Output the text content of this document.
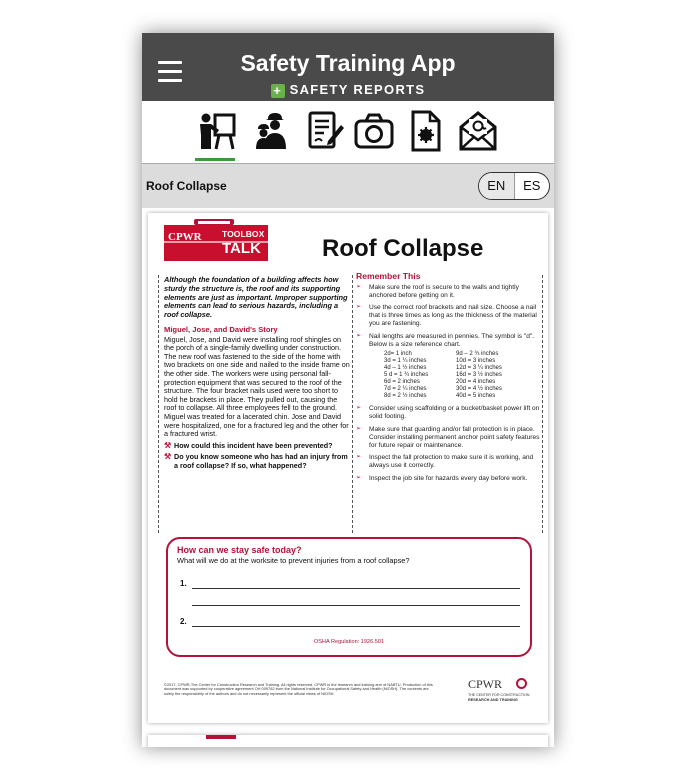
Safety Training App
+ SAFETY REPORTS
Roof Collapse	EN	ES
CPWR TOOLBOX
TALK	Roof Collapse

Although the foundation of a building affects how sturdy the structure is, the roof and its supporting elements are just as important. Improper supporting elements can lead to serious hazards, including a roof collapse.

Miguel, Jose, and David's Story

Miguel, Jose, and David were installing roof shingles on the porch of a single-family dwelling under construction. The new roof was fastened to the side of the home with two brackets on one side and nailed to the inside frame on the other side. The workers were using personal fall-protection equipment that was secured to the roof of the structure. The four bracket nails used were too short to hold he brackets in place. They pulled out, causing the roof to collapse. All three employees fell to the ground. Miguel was treated for a lacerated chin. Jose and David were hospitalized, one for a fractured leg and the other for a fractured wrist.

⚒ How could this incident have been prevented?
⚒ Do you know someone who has had an injury from a roof collapse? If so, what happened?

Remember This

➢	Make sure the roof is secure to the walls and tightly anchored before getting on it.
➢	Use the correct roof brackets and nail size. Choose a nail that is three times as long as the thickness of the material you are fastening.
➢	Nail lengths are measured in pennies. The symbol is "d". Below is a size reference chart.
2d= 1 inch	9d – 2 ¾ inches
3d = 1 ¼ inches	10d = 3 inches
4d – 1 ½ inches	12d = 3 ¼ inches
5 d = 1 ¾ inches	16d = 3 ½ inches
6d = 2 inches	20d = 4 inches
7d = 2 ¼ inches	30d = 4 ½ inches
8d = 2 ½ inches	40d = 5 inches
➢	Consider using scaffolding or a bucket/basket power lift on solid footing.
➢	Make sure that guarding and/or fall protection is in place. Consider installing permanent anchor point safety features for future repair or maintenance.
➢	Inspect the fall protection to make sure it is working, and always use it correctly.
➢	Inspect the job site for hazards every day before work.
How can we stay safe today?
What will we do at the worksite to prevent injuries from a roof collapse?
1.
2.
OSHA Regulation: 1926.501
©2017, CPWR-The Center for Construction Research and Training. All rights reserved. CPWR is the research and training arm of NABTU. Production of this document was supported by cooperative agreement OH 009762 from the National Institute for Occupational Safety and Health (NIOSH). The contents are solely the responsibility of the authors and do not necessarily represent the official views of NIOSH.
CPWR
THE CENTER FOR CONSTRUCTION
RESEARCH AND TRAINING
